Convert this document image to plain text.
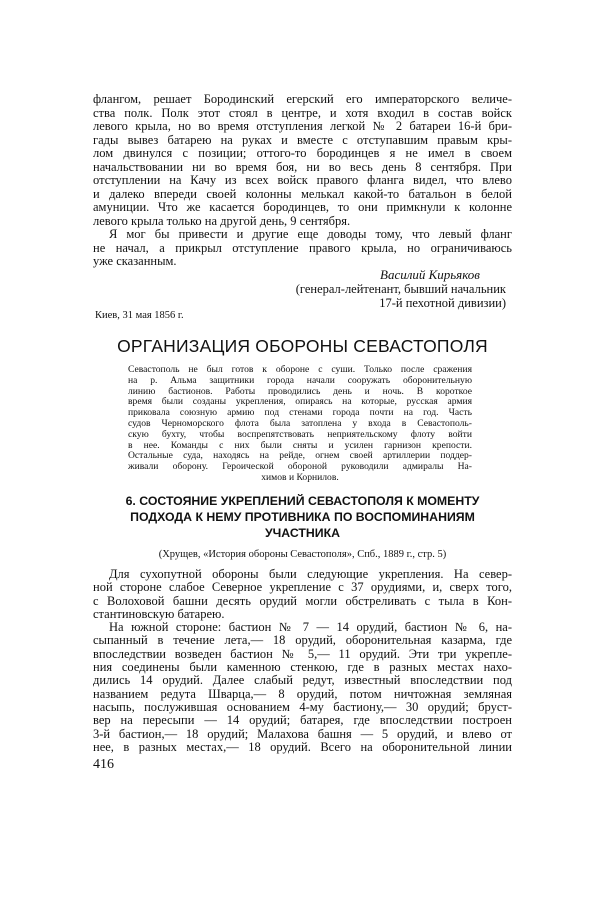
флангом, решает Бородинский егерский его императорского величе-
ства полк. Полк этот стоял в центре, и хотя входил в состав войск
левого крыла, но во время отступления легкой № 2 батареи 16-й бри-
гады вывез батарею на руках и вместе с отступавшим правым кры-
лом двинулся с позиции; оттого-то бородинцев я не имел в своем
начальствовании ни во время боя, ни во весь день 8 сентября. При
отступлении на Качу из всех войск правого фланга видел, что влево
и далеко впереди своей колонны мелькал какой-то батальон в белой
амуниции. Что же касается бородинцев, то они примкнули к колонне
левого крыла только на другой день, 9 сентября.
Я мог бы привести и другие еще доводы тому, что левый фланг
не начал, а прикрыл отступление правого крыла, но ограничиваюсь
уже сказанным.
Василий Кирьяков
(генерал-лейтенант, бывший начальник
17-й пехотной дивизии)
Киев, 31 мая 1856 г.
ОРГАНИЗАЦИЯ ОБОРОНЫ СЕВАСТОПОЛЯ
Севастополь не был готов к обороне с суши. Только после сражения
на р. Альма защитники города начали сооружать оборонительную
линию бастионов. Работы проводились день и ночь. В короткое
время были созданы укрепления, опираясь на которые, русская армия
приковала союзную армию под стенами города почти на год. Часть
судов Черноморского флота была затоплена у входа в Севастополь-
скую бухту, чтобы воспрепятствовать неприятельскому флоту войти
в нее. Команды с них были сняты и усилен гарнизон крепости.
Остальные суда, находясь на рейде, огнем своей артиллерии поддер-
живали оборону. Героической обороной руководили адмиралы На-
химов и Корнилов.
6. СОСТОЯНИЕ УКРЕПЛЕНИЙ СЕВАСТОПОЛЯ К МОМЕНТУ
ПОДХОДА К НЕМУ ПРОТИВНИКА ПО ВОСПОМИНАНИЯМ
УЧАСТНИКА
(Хрущев, «История обороны Севастополя», Спб., 1889 г., стр. 5)
Для сухопутной обороны были следующие укрепления. На север-
ной стороне слабое Северное укрепление с 37 орудиями, и, сверх того,
с Волоховой башни десять орудий могли обстреливать с тыла в Кон-
стантиновскую батарею.
На южной стороне: бастион № 7 — 14 орудий, бастион № 6, на-
сыпанный в течение лета,— 18 орудий, оборонительная казарма, где
впоследствии возведен бастион № 5,— 11 орудий. Эти три укрепле-
ния соединены были каменною стенкою, где в разных местах нахо-
дились 14 орудий. Далее слабый редут, известный впоследствии под
названием редута Шварца,— 8 орудий, потом ничтожная земляная
насыпь, послужившая основанием 4-му бастиону,— 30 орудий; бруст-
вер на пересыпи — 14 орудий; батарея, где впоследствии построен
3-й бастион,— 18 орудий; Малахова башня — 5 орудий, и влево от
нее, в разных местах,— 18 орудий. Всего на оборонительной линии
416
